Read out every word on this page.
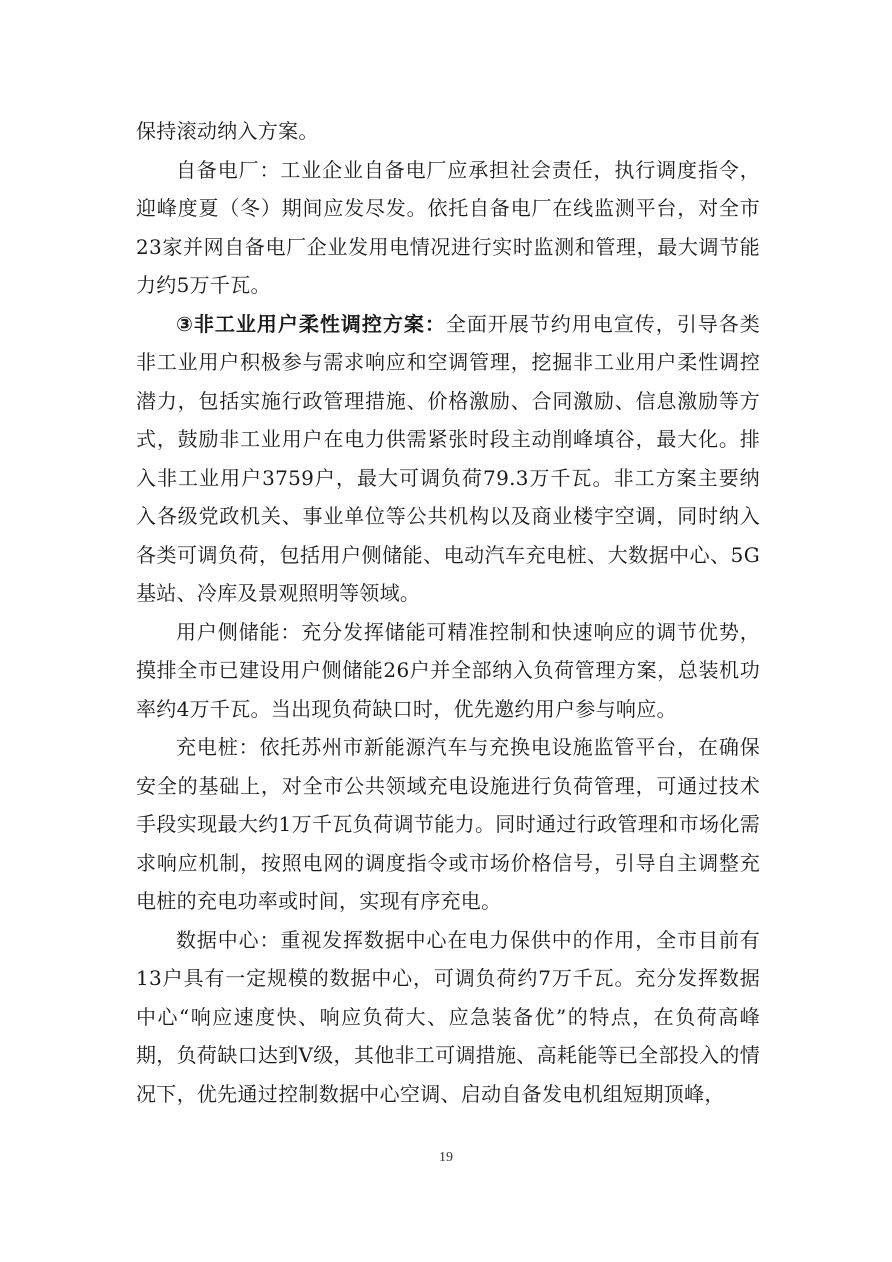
保持滚动纳入方案。

自备电厂：工业企业自备电厂应承担社会责任，执行调度指令，迎峰度夏（冬）期间应发尽发。依托自备电厂在线监测平台，对全市23家并网自备电厂企业发用电情况进行实时监测和管理，最大调节能力约5万千瓦。

③非工业用户柔性调控方案：全面开展节约用电宣传，引导各类非工业用户积极参与需求响应和空调管理，挖掘非工业用户柔性调控潜力，包括实施行政管理措施、价格激励、合同激励、信息激励等方式，鼓励非工业用户在电力供需紧张时段主动削峰填谷，最大化。排入非工业用户3759户，最大可调负荷79.3万千瓦。非工方案主要纳入各级党政机关、事业单位等公共机构以及商业楼宇空调，同时纳入各类可调负荷，包括用户侧储能、电动汽车充电桩、大数据中心、5G基站、冷库及景观照明等领域。

用户侧储能：充分发挥储能可精准控制和快速响应的调节优势，摸排全市已建设用户侧储能26户并全部纳入负荷管理方案，总装机功率约4万千瓦。当出现负荷缺口时，优先邀约用户参与响应。

充电桩：依托苏州市新能源汽车与充换电设施监管平台，在确保安全的基础上，对全市公共领域充电设施进行负荷管理，可通过技术手段实现最大约1万千瓦负荷调节能力。同时通过行政管理和市场化需求响应机制，按照电网的调度指令或市场价格信号，引导自主调整充电桩的充电功率或时间，实现有序充电。

数据中心：重视发挥数据中心在电力保供中的作用，全市目前有13户具有一定规模的数据中心，可调负荷约7万千瓦。充分发挥数据中心“响应速度快、响应负荷大、应急装备优”的特点，在负荷高峰期，负荷缺口达到Ⅴ级，其他非工可调措施、高耗能等已全部投入的情况下，优先通过控制数据中心空调、启动自备发电机组短期顶峰，

19
